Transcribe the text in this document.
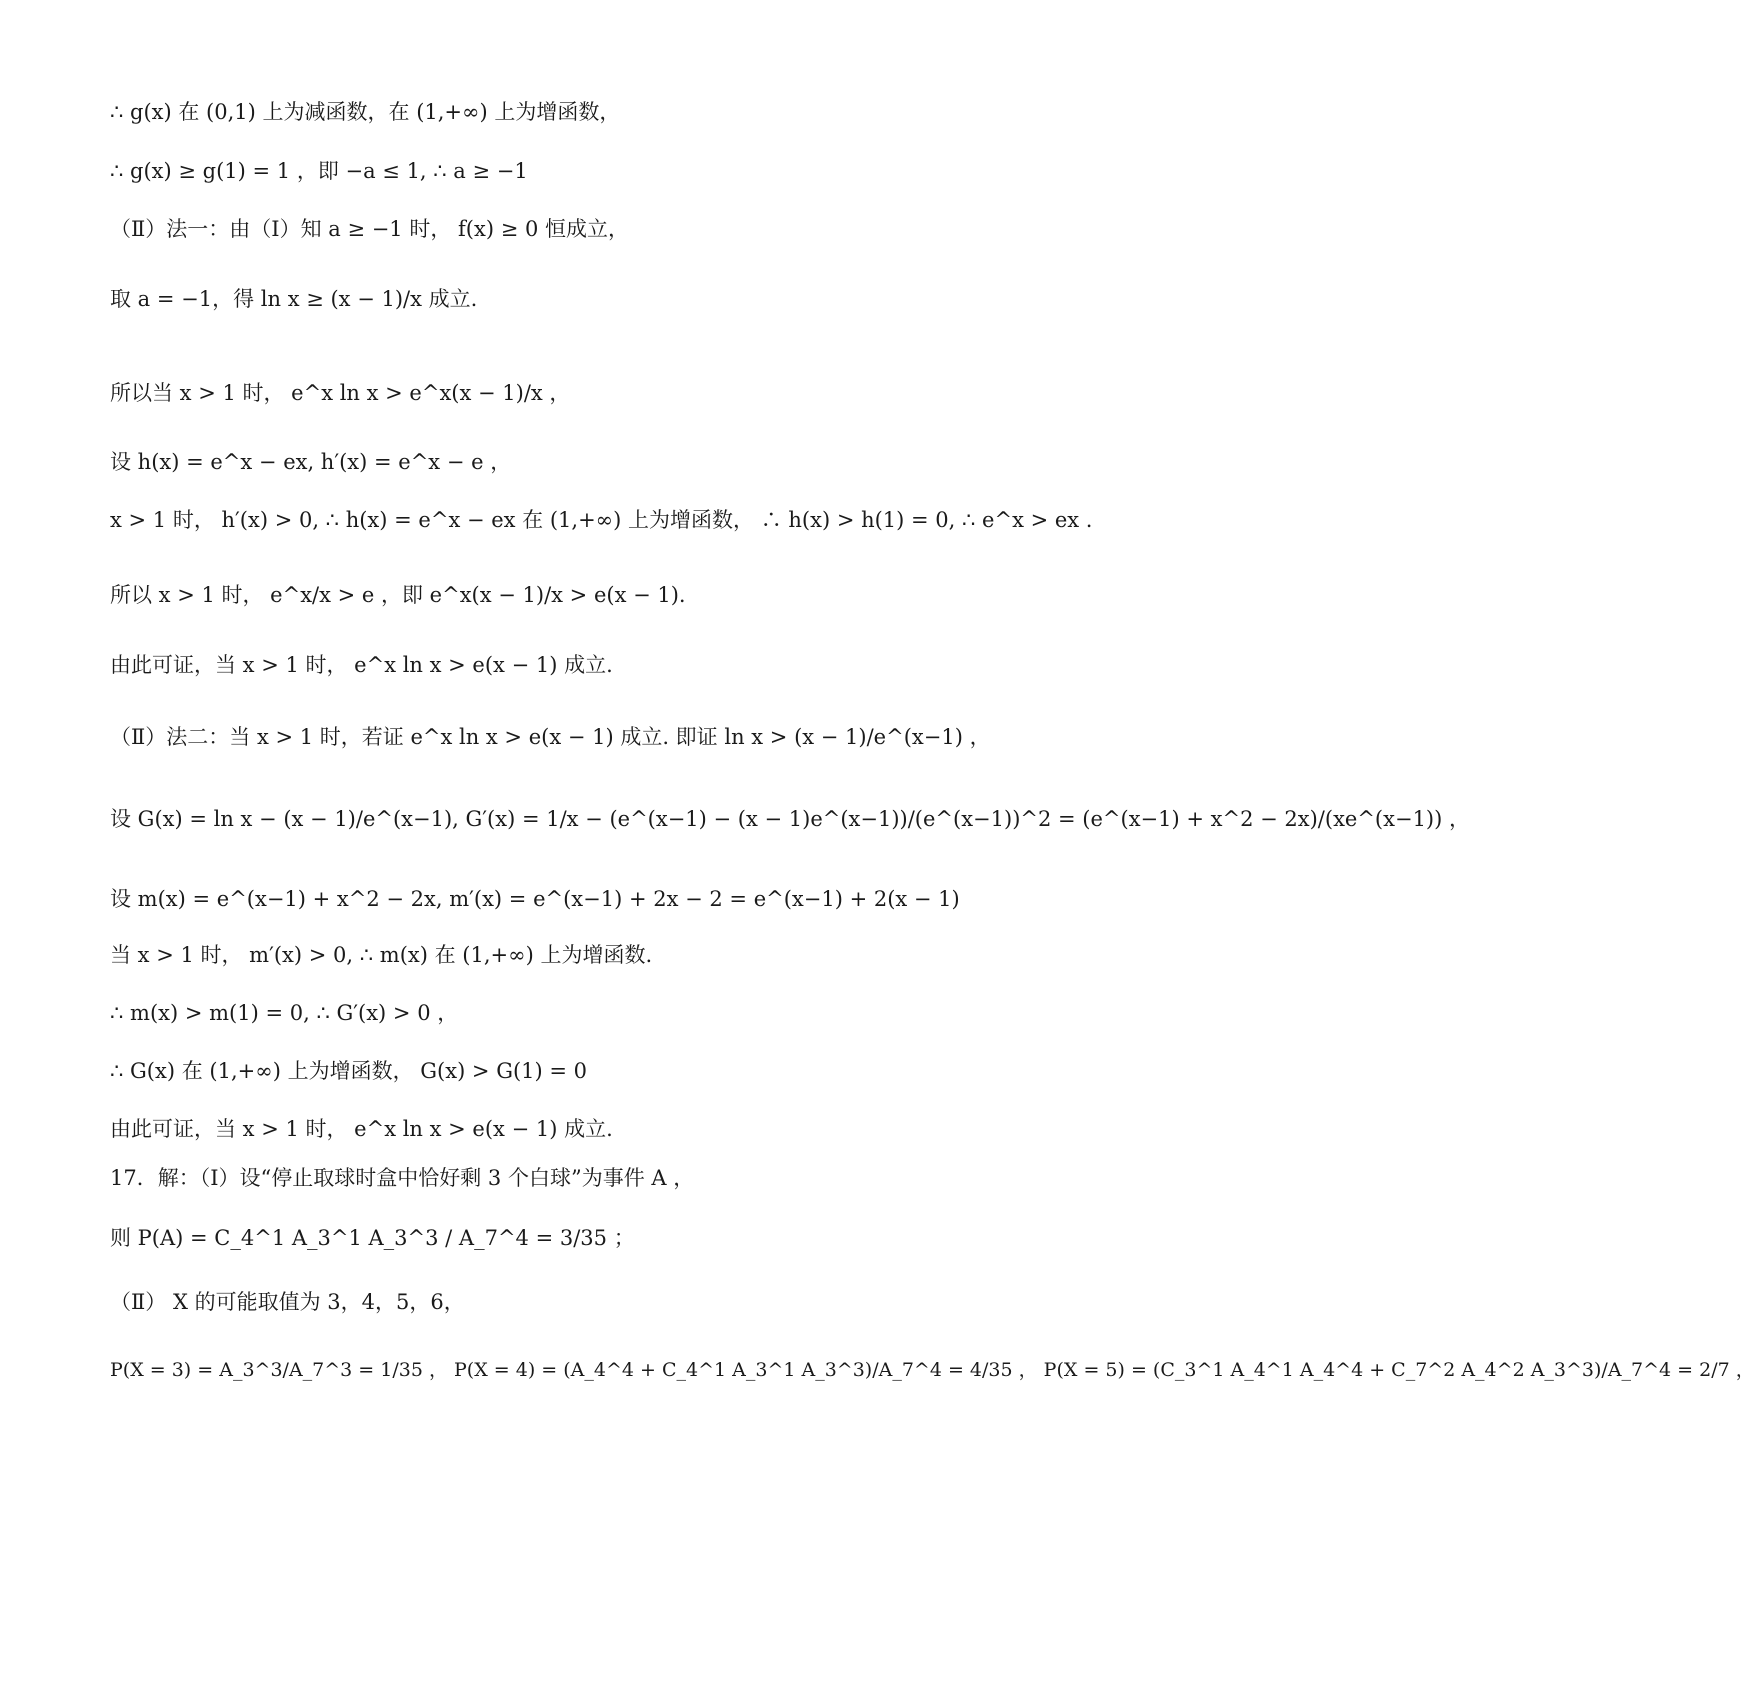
∴ g(x) 在 (0,1) 上为减函数，在 (1,+∞) 上为增函数，
∴ g(x) ≥ g(1) = 1 ，即 −a ≤ 1, ∴ a ≥ −1
（Ⅱ）法一：由（Ⅰ）知 a ≥ −1 时， f(x) ≥ 0 恒成立，
取 a = −1，得 ln x ≥ (x − 1)/x 成立.
所以当 x > 1 时， e^x ln x > e^x(x − 1)/x ，
设 h(x) = e^x − ex, h′(x) = e^x − e ，
x > 1 时， h′(x) > 0, ∴ h(x) = e^x − ex 在 (1,+∞) 上为增函数， ∴ h(x) > h(1) = 0, ∴ e^x > ex .
所以 x > 1 时， e^x/x > e ，即 e^x(x − 1)/x > e(x − 1).
由此可证，当 x > 1 时， e^x ln x > e(x − 1) 成立.
（Ⅱ）法二：当 x > 1 时，若证 e^x ln x > e(x − 1) 成立. 即证 ln x > (x − 1)/e^(x−1) ，
设 G(x) = ln x − (x − 1)/e^(x−1), G′(x) = 1/x − (e^(x−1) − (x − 1)e^(x−1))/(e^(x−1))^2 = (e^(x−1) + x^2 − 2x)/(xe^(x−1)) ，
设 m(x) = e^(x−1) + x^2 − 2x, m′(x) = e^(x−1) + 2x − 2 = e^(x−1) + 2(x − 1)
当 x > 1 时， m′(x) > 0, ∴ m(x) 在 (1,+∞) 上为增函数.
∴ m(x) > m(1) = 0, ∴ G′(x) > 0 ，
∴ G(x) 在 (1,+∞) 上为增函数， G(x) > G(1) = 0
由此可证，当 x > 1 时， e^x ln x > e(x − 1) 成立.
17．解：（Ⅰ）设“停止取球时盒中恰好剩 3 个白球”为事件 A ，
则 P(A) = C_4^1 A_3^1 A_3^3 / A_7^4 = 3/35 ；
（Ⅱ） X 的可能取值为 3，4，5，6，
P(X = 3) = A_3^3/A_7^3 = 1/35 ， P(X = 4) = (A_4^4 + C_4^1 A_3^1 A_3^3)/A_7^4 = 4/35 ， P(X = 5) = (C_3^1 A_4^1 A_4^4 + C_7^2 A_4^2 A_3^3)/A_7^4 = 2/7 ，
